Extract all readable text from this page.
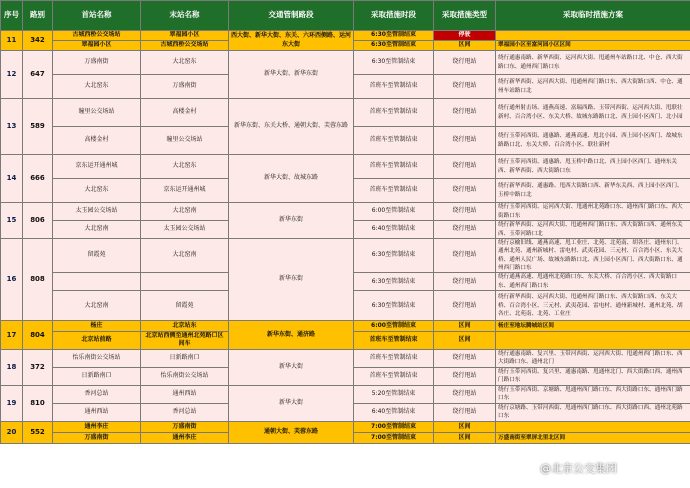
序号	路别	首站名称	末站名称	交通管制路段	采取措施时段	采取措施类型	采取临时措施方案
11	342	古城西桥公交场站	翠福园小区	西大街、新华大街、东关、六环西侧路、运河东大街	6:30至管制结束	停驶	
		翠福园小区	古城西桥公交场站		6:30至管制结束	区间	翠福园小区至富河园小区区间
12	647	万盛南街	大北窑东	新华大街、新华东街	6:30至管制结束	绕行甩站	绕行通惠南路、新华西街、运河西大街、甩通州车站路口北、中仓、西大街路口东、通州西门路口东
		大北窑东	万盛南街		首班车至管制结束	绕行甩站	绕行新华西街、运河西大街、甩通州西门路口东、西大街路口西、中仓、通州车站路口北
13	589	瞳里公交场站	高楼金村	新华东街、东关大桥、通朝大街、芙蓉东路	首班车至管制结束	绕行甩站	绕行通州射击场、通燕高速、富瑞西路、玉带河西街、运河西大街、甩联壮新村、百合湾小区、东关大桥、故城东路路口北、西上园小区西门、北小园
		高楼金村	瞳里公交场站		首班车至管制结束	绕行甩站	绕行玉带河西街、通惠路、通燕高速、甩北小园、西上园小区西门、故城东路路口北、东关大桥、百合湾小区、联壮新村
14	666	京东运开通州城	大北窑东	新华大街、故城东路	首班车至管制结束	绕行甩站	绕行玉带河西街、通惠路、甩玉桥中路口北、西上园小区西门、通州东关西、新华西街、西大街路口东
		大北窑东	京东运开通州城		首班车至管制结束	绕行甩站	绕行新华西街、通惠路、甩西大街路口西、新华东关西、西上园小区西门、玉桥中路口北
15	806	太玉园公交场站	大北窑南	新华东街	6:00至管制结束	绕行甩站	绕行玉带河西街、运河西大街、甩通州北苑路口东、通州西门路口东、西大街路口东
		大北窑南	太玉园公交场站		6:40至管制结束	绕行甩站	绕行新华西街、运河西大街、甩通州西门路口东、西大街路口西、通州东关西、玉带河路口北
16	808	留霞苑	大北窑南	新华东街	6:30至管制结束	绕行甩站	绕行京榆旧线、通燕高速、甩工业庄、北苑、北苑南、胡各庄、通州东门、通州北苑、通州新城村、雷电村、武夷花园、三元村、百合湾小区、东关大桥、通州人民广场、故城东路路口北、西上园小区西门、西大街路口东、通州西门路口东
					6:30至管制结束	绕行甩站	绕行通燕高速、甩通州北苑路口东、东关大桥、百合湾小区、西大街路口东、通州西门路口东
		大北窑南	留霞苑		6:30至管制结束	绕行甩站	绕行新华西街、运河西大街、甩通州西门路口东、西大街路口西、东关大桥、百合湾小区、三元村、武夷花园、雷电村、通州新城村、通州北苑、胡各庄、北苑南、北苑、工业庄
17	804	杨庄	北京站东	新华东街、通济路	6:00至管制结束	区间	杨庄至地坛腾城站区间
		北京站前路	北京站西侧至通州北苑路口区间车		首班车至管制结束	区间	
18	372	怡乐南街公交场站	日新路南口	新华大街	首班车至管制结束	绕行甩站	绕行通惠南路、复兴里、玉带河西街、运河西大街、甩通州西门路口东、西大街路口东、通州北门
		日新路南口	怡乐南街公交场站		首班车至管制结束	绕行甩站	绕行玉带河西街、复兴里、通惠南路、甩通州北门、西大街路口西、通州西门路口东
19	810	香河总站	通州西站	新华大街	5:20至管制结束	绕行甩站	绕行玉带河西街、京塘路、甩通州西门路口东、西大街路口东、通州西门路口东
		通州西站	香河总站		6:40至管制结束	绕行甩站	绕行京塘路、玉带河西街、甩通州西门路口东、西大街路口西、通州北苑路口东
20	552	通州李庄	万盛南街	通朝大街、芙蓉东路	7:00至管制结束	区间	
		万盛南街	通州李庄		7:00至管制结束	区间	万盛南街至翠屏北里北区间
@北京公交集团
